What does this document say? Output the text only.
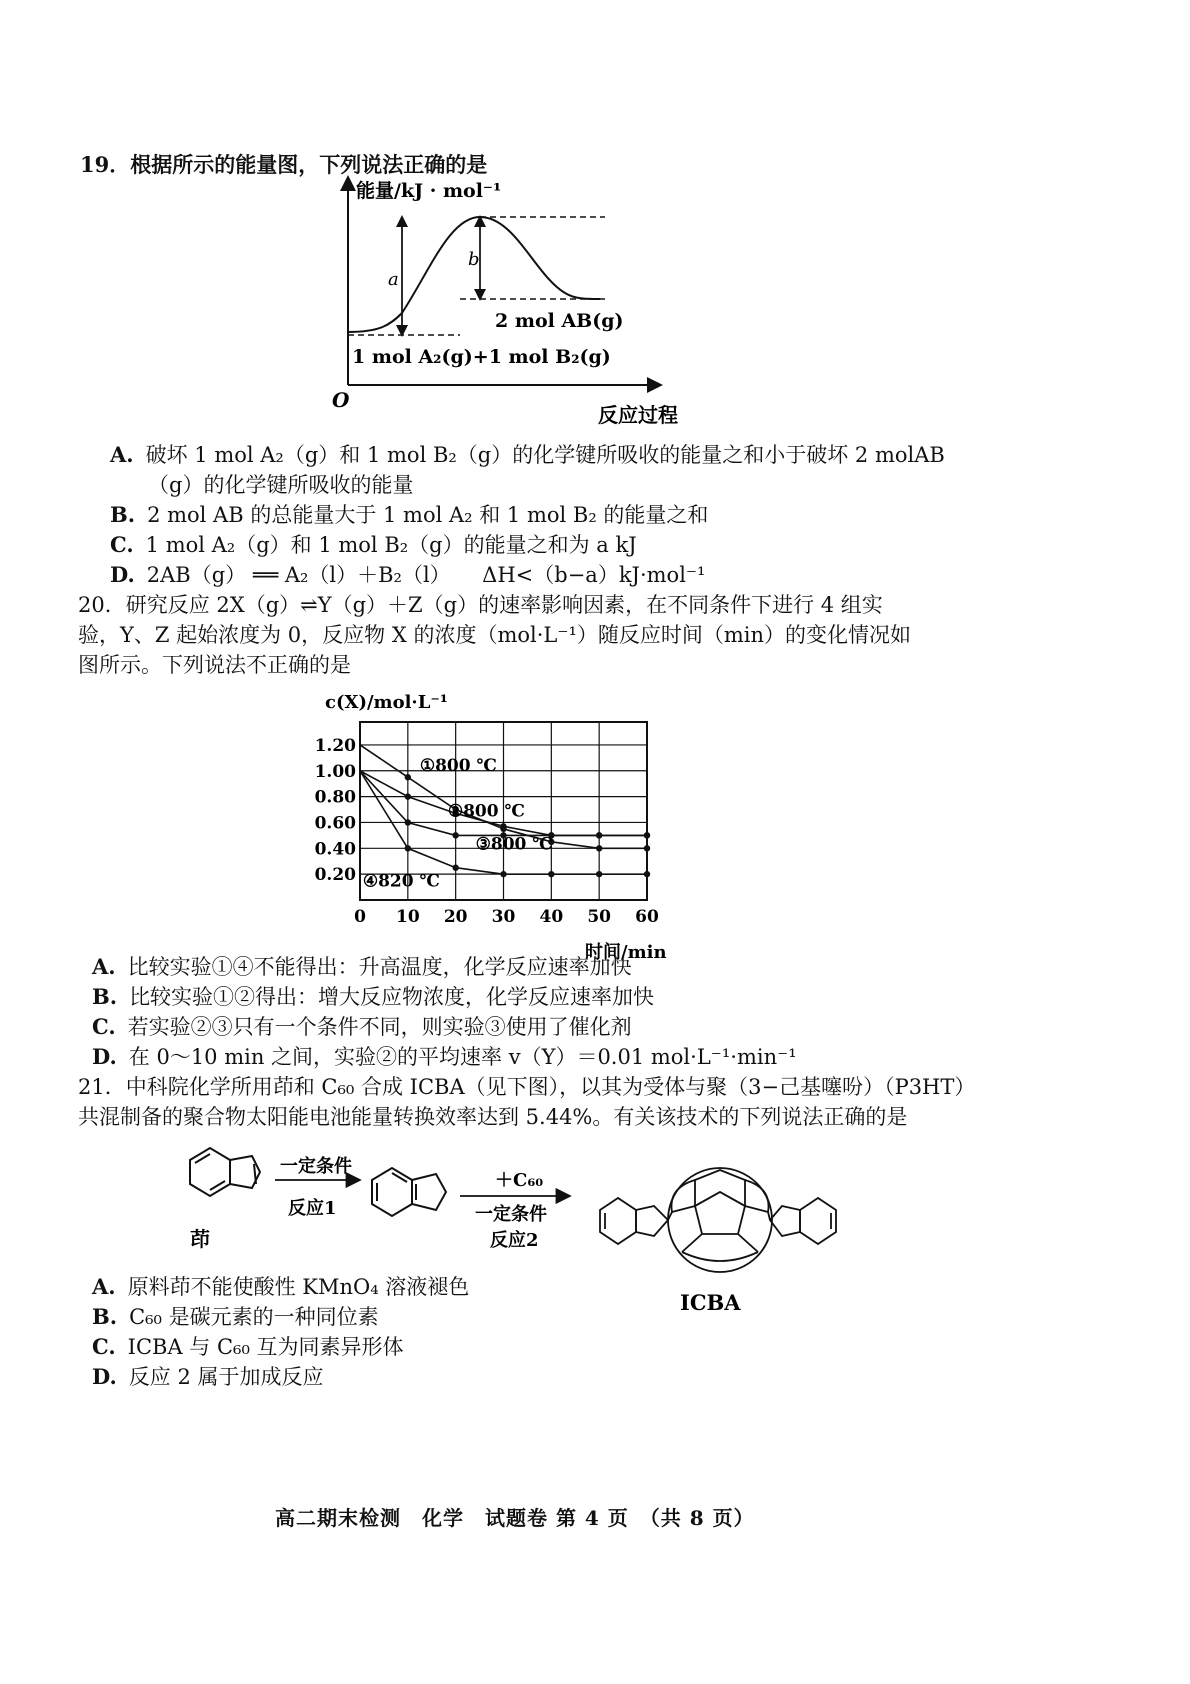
19．根据所示的能量图，下列说法正确的是
能量/kJ · mol⁻¹
a
b
2 mol AB(g)
1 mol A₂(g)+1 mol B₂(g)
O
反应过程
A. 破坏 1 mol A₂（g）和 1 mol B₂（g）的化学键所吸收的能量之和小于破坏 2 molAB
（g）的化学键所吸收的能量
B. 2 mol AB 的总能量大于 1 mol A₂ 和 1 mol B₂ 的能量之和
C. 1 mol A₂（g）和 1 mol B₂（g）的能量之和为 a kJ
D. 2AB（g） ══ A₂（l）＋B₂（l）　　ΔH<（b−a）kJ·mol⁻¹
20．研究反应 2X（g）⇌Y（g）＋Z（g）的速率影响因素，在不同条件下进行 4 组实
验，Y、Z 起始浓度为 0，反应物 X 的浓度（mol·L⁻¹）随反应时间（min）的变化情况如
图所示。下列说法不正确的是
0.20
0.40
0.60
0.80
1.00
1.20
0 10 20 30 40 50 60
①800 ℃
②800 ℃
③800 ℃
④820 ℃
c(X)/mol·L⁻¹
时间/min
A. 比较实验①④不能得出：升高温度，化学反应速率加快
B. 比较实验①②得出：增大反应物浓度，化学反应速率加快
C. 若实验②③只有一个条件不同，则实验③使用了催化剂
D. 在 0～10 min 之间，实验②的平均速率 v（Y）＝0.01 mol·L⁻¹·min⁻¹
21．中科院化学所用茚和 C₆₀ 合成 ICBA（见下图），以其为受体与聚（3−己基噻吩）（P3HT）
共混制备的聚合物太阳能电池能量转换效率达到 5.44%。有关该技术的下列说法正确的是
茚
一定条件
反应1
＋C₆₀
一定条件
反应2
ICBA
A. 原料茚不能使酸性 KMnO₄ 溶液褪色
B. C₆₀ 是碳元素的一种同位素
C. ICBA 与 C₆₀ 互为同素异形体
D. 反应 2 属于加成反应
高二期末检测　化学　试题卷 第 4 页　（共 8 页）
